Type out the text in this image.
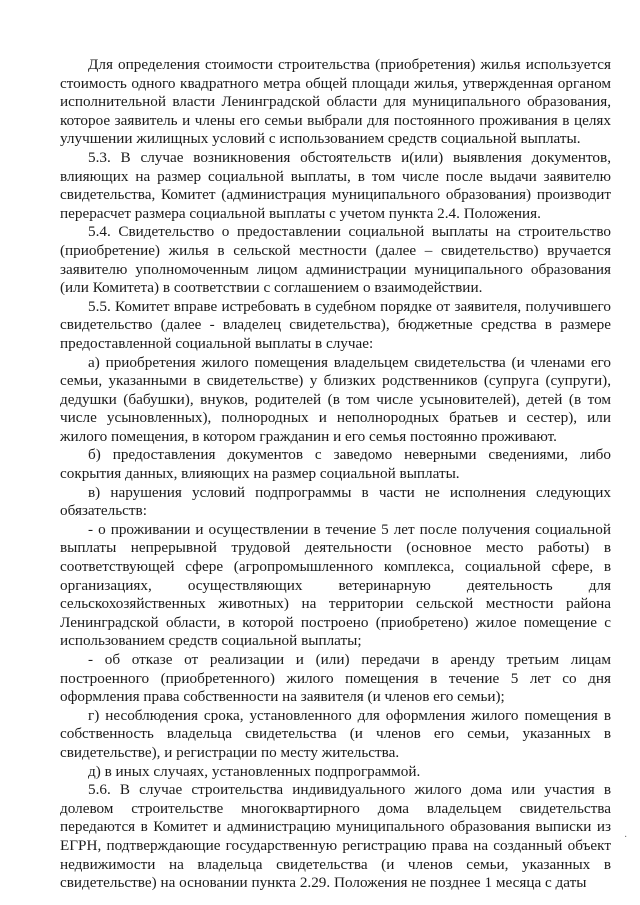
Для определения стоимости строительства (приобретения) жилья используется стоимость одного квадратного метра общей площади жилья, утвержденная органом исполнительной власти Ленинградской области для муниципального образования, которое заявитель и члены его семьи выбрали для постоянного проживания в целях улучшении жилищных условий с использованием средств социальной выплаты.

5.3. В случае возникновения обстоятельств и(или) выявления документов, влияющих на размер социальной выплаты, в том числе после выдачи заявителю свидетельства, Комитет (администрация муниципального образования) производит перерасчет размера социальной выплаты с учетом пункта 2.4. Положения.

5.4. Свидетельство о предоставлении социальной выплаты на строительство (приобретение) жилья в сельской местности (далее – свидетельство) вручается заявителю уполномоченным лицом администрации муниципального образования (или Комитета) в соответствии с соглашением о взаимодействии.

5.5. Комитет вправе истребовать в судебном порядке от заявителя, получившего свидетельство (далее - владелец свидетельства), бюджетные средства в размере предоставленной социальной выплаты в случае:

а) приобретения жилого помещения владельцем свидетельства (и членами его семьи, указанными в свидетельстве) у близких родственников (супруга (супруги), дедушки (бабушки), внуков, родителей (в том числе усыновителей), детей (в том числе усыновленных), полнородных и неполнородных братьев и сестер), или жилого помещения, в котором гражданин и его семья постоянно проживают.

б) предоставления документов с заведомо неверными сведениями, либо сокрытия данных, влияющих на размер социальной выплаты.

в) нарушения условий подпрограммы в части не исполнения следующих обязательств:

- о проживании и осуществлении в течение 5 лет после получения социальной выплаты непрерывной трудовой деятельности (основное место работы) в соответствующей сфере (агропромышленного комплекса, социальной сфере, в организациях, осуществляющих ветеринарную деятельность для сельскохозяйственных животных) на территории сельской местности района Ленинградской области, в которой построено (приобретено) жилое помещение с использованием средств социальной выплаты;

- об отказе от реализации и (или) передачи в аренду третьим лицам построенного (приобретенного) жилого помещения в течение 5 лет со дня оформления права собственности на заявителя (и членов его семьи);

г) несоблюдения срока, установленного для оформления жилого помещения в собственность владельца свидетельства (и членов его семьи, указанных в свидетельстве), и регистрации по месту жительства.

д) в иных случаях, установленных подпрограммой.

5.6. В случае строительства индивидуального жилого дома или участия в долевом строительстве многоквартирного дома владельцем свидетельства передаются в Комитет и администрацию муниципального образования выписки из ЕГРН, подтверждающие государственную регистрацию права на созданный объект недвижимости на владельца свидетельства (и членов семьи, указанных в свидетельстве) на основании пункта 2.29. Положения не позднее 1 месяца с даты

·
